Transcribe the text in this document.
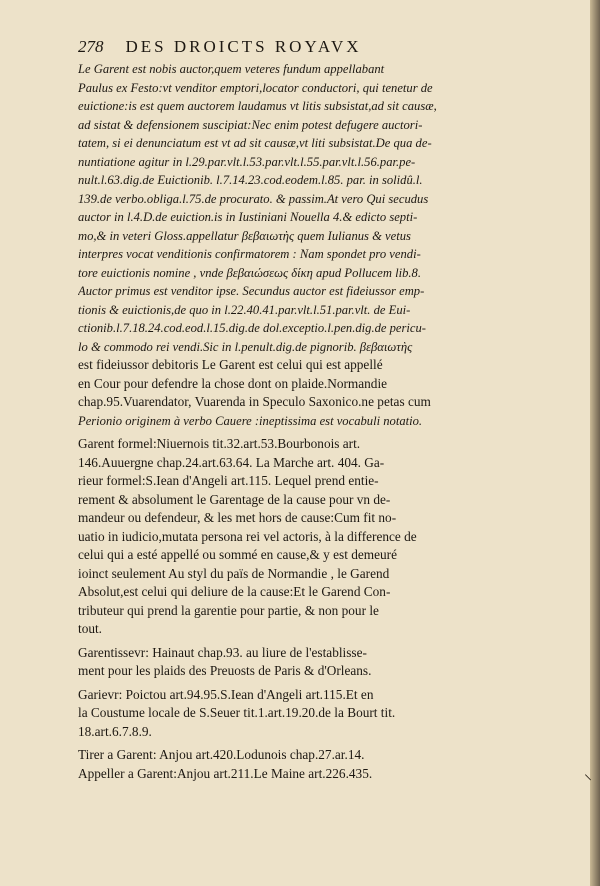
278 DES DROICTS ROYAVX
Le Garent est nobis auctor,quem veteres fundum appellabant
Paulus ex Festo:vt venditor emptori,locator conductori, qui tenetur de
euictione:is est quem auctorem laudamus vt litis subsistat,ad sit causæ,
ad sistat & defensionem suscipiat:Nec enim potest defugere auctori-
tatem, si ei denunciatum est vt ad sit causæ,vt liti subsistat.De qua de-
nuntiatione agitur in l.29.par.vlt.l.53.par.vlt.l.55.par.vlt.l.56.par.pe-
nult.l.63.dig.de Euictionib. l.7.14.23.cod.eodem.l.85. par. in solidû.l.
139.de verbo.obliga.l.75.de procurato. & passim.At vero Qui secudus
auctor in l.4.D.de euiction.is in Iustiniani Nouella 4.& edicto septi-
mo,& in veteri Gloss.appellatur βεβαιωτὴς quem Iulianus & vetus
interpres vocat venditionis confirmatorem : Nam spondet pro vendi-
tore euictionis nomine , vnde βεβαιώσεως δίκη apud Pollucem lib.8.
Auctor primus est venditor ipse. Secundus auctor est fideiussor emp-
tionis & euictionis,de quo in l.22.40.41.par.vlt.l.51.par.vlt. de Eui-
ctionib.l.7.18.24.cod.eod.l.15.dig.de dol.exceptio.l.pen.dig.de pericu-
lo & commodo rei vendi.Sic in l.penult.dig.de pignorib. βεβαιωτὴς
est fideiussor debitoris Le Garent est celui qui est appellé
en Cour pour defendre la chose dont on plaide.Normandie
chap.95.Vuarendator, Vuarenda in Speculo Saxonico.ne petas cum
Perionio originem à verbo Cauere :ineptissima est vocabuli notatio.
Garent formel:Niuernois tit.32.art.53.Bourbonois art.
146.Auuergne chap.24.art.63.64. La Marche art. 404. Ga-
rieur formel:S.Iean d'Angeli art.115. Lequel prend entie-
rement & absolument le Garentage de la cause pour vn de-
mandeur ou defendeur, & les met hors de cause:Cum fit no-
uatio in iudicio,mutata persona rei vel actoris, à la difference de
celui qui a esté appellé ou sommé en cause,& y est demeuré
ioinct seulement Au styl du païs de Normandie , le Garend
Absolut,est celui qui deliure de la cause:Et le Garend Con-
tributeur qui prend la garentie pour partie, & non pour le
tout.
Garentissevr: Hainaut chap.93. au liure de l'establisse-
ment pour les plaids des Preuosts de Paris & d'Orleans.
Garievr: Poictou art.94.95.S.Iean d'Angeli art.115.Et en
la Coustume locale de S.Seuer tit.1.art.19.20.de la Bourt tit.
18.art.6.7.8.9.
Tirer a Garent: Anjou art.420.Lodunois chap.27.ar.14.
Appeller a Garent:Anjou art.211.Le Maine art.226.435.	⸜
